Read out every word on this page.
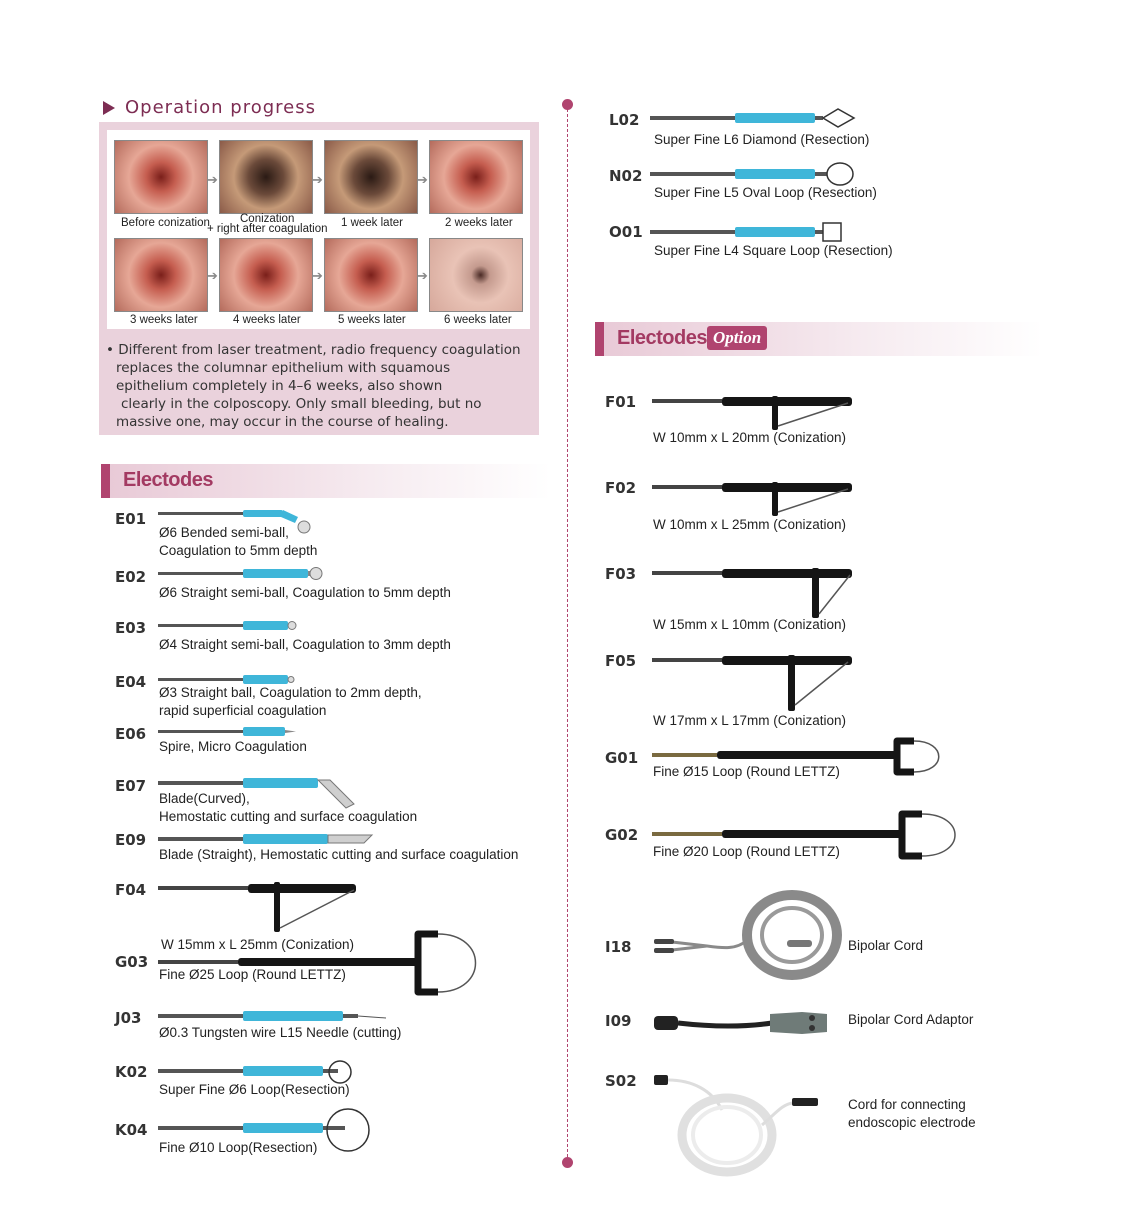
Operation progress
➔	➔	➔
➔	➔	➔
Before conization	Conization
+ right after coagulation 1 week later	2 weeks later
3 weeks later	4 weeks later	5 weeks later	6 weeks later
• Different from laser treatment, radio frequency coagulation
replaces the columnar epithelium with squamous
epithelium completely in 4–6 weeks, also shown
clearly in the colposcopy. Only small bleeding, but no
massive one, may occur in the course of healing.
Electodes
E01
Ø6 Bended semi-ball,
Coagulation to 5mm depth
E02
Ø6 Straight semi-ball, Coagulation to 5mm depth
E03
Ø4 Straight semi-ball, Coagulation to 3mm depth
E04
Ø3 Straight ball, Coagulation to 2mm depth,
rapid superficial coagulation
E06
Spire, Micro Coagulation
E07
Blade(Curved),
Hemostatic cutting and surface coagulation
E09
Blade (Straight), Hemostatic cutting and surface coagulation
F04
W 15mm x L 25mm (Conization)
G03
Fine Ø25 Loop (Round LETTZ)
J03
Ø0.3 Tungsten wire L15 Needle (cutting)
K02
Super Fine Ø6 Loop(Resection)
K04
Fine Ø10 Loop(Resection)
L02
Super Fine L6 Diamond (Resection)
N02
Super Fine L5 Oval Loop (Resection)
O01
Super Fine L4 Square Loop (Resection)
Electodes Option
F01
W 10mm x L 20mm (Conization)
F02
W 10mm x L 25mm (Conization)
F03
W 15mm x L 10mm (Conization)
F05
W 17mm x L 17mm (Conization)
G01
Fine Ø15 Loop (Round LETTZ)
G02
Fine Ø20 Loop (Round LETTZ)
I18	Bipolar Cord
I09	Bipolar Cord Adaptor
S02
Cord for connecting
endoscopic electrode
